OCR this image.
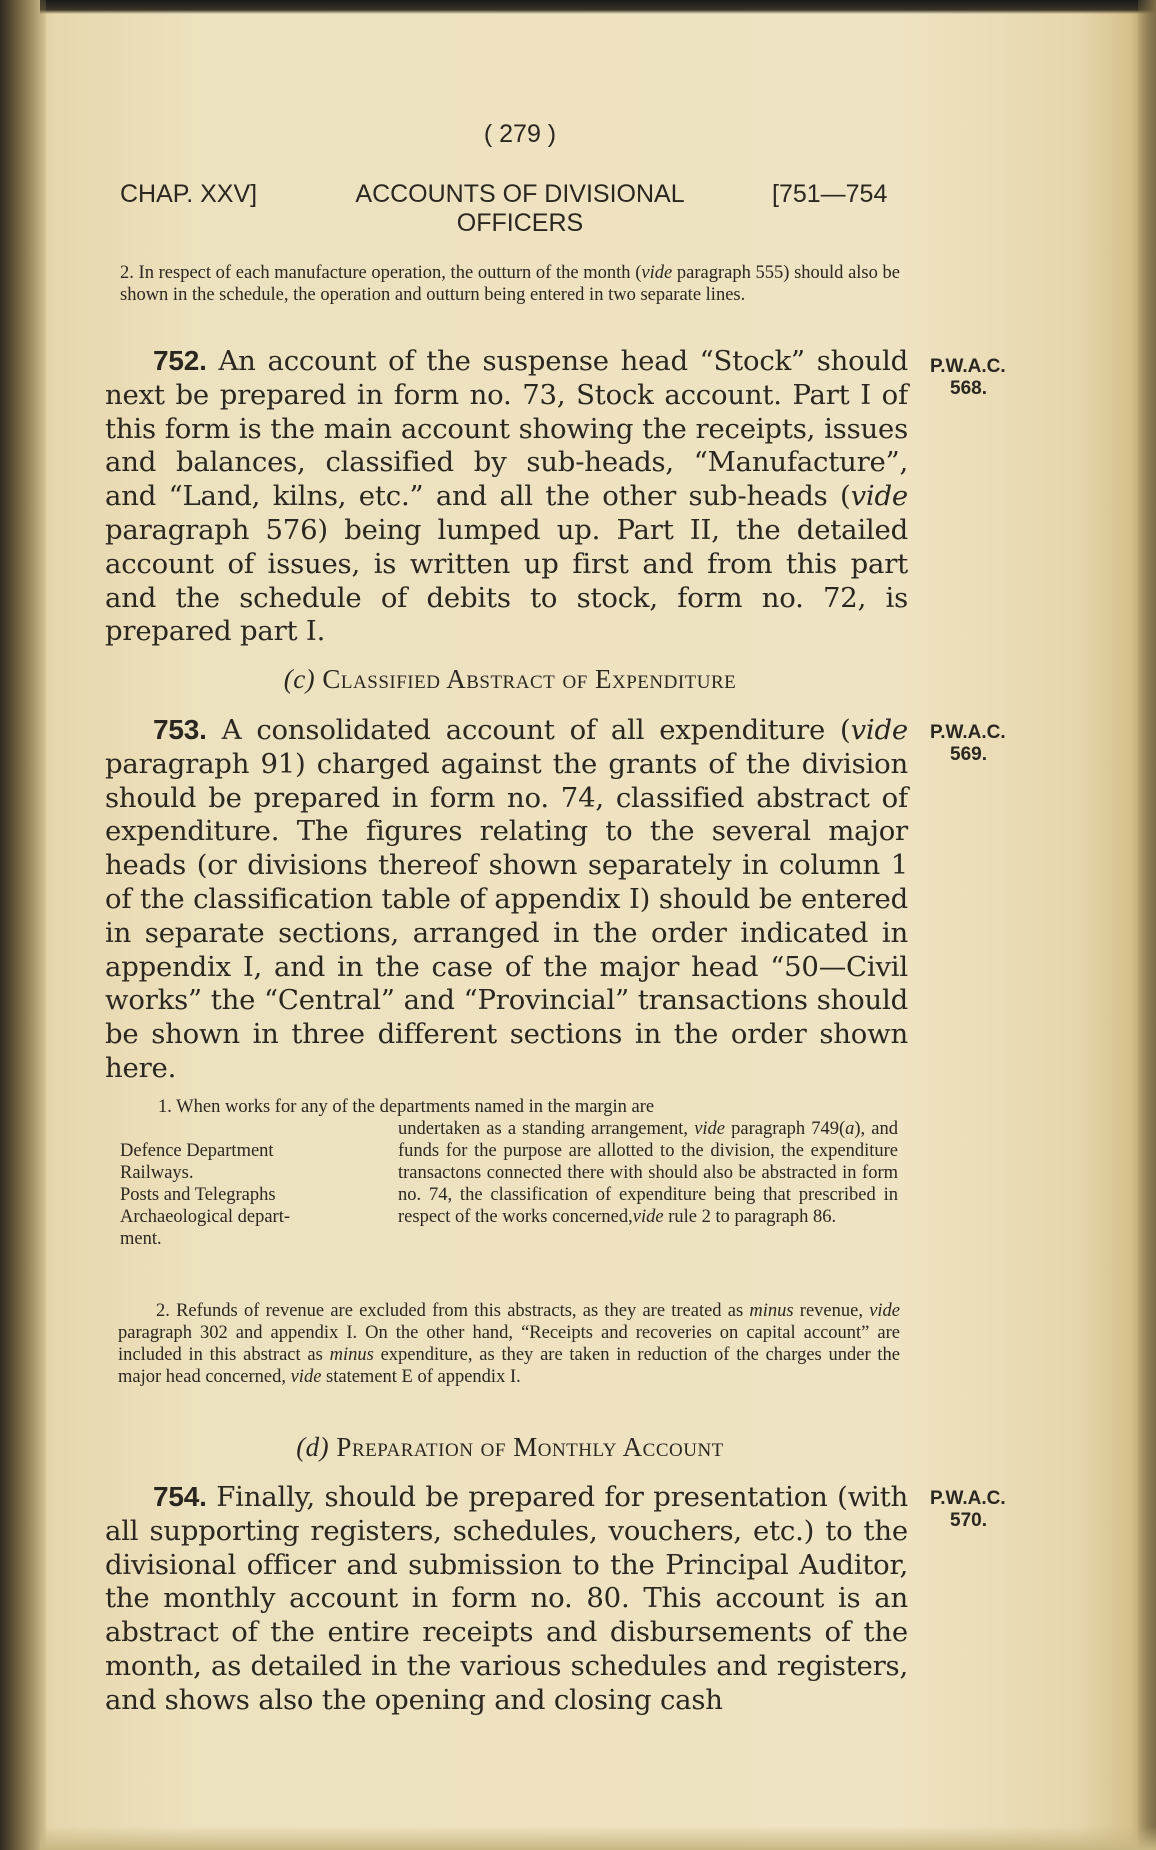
( 279 )
CHAP. XXV]	ACCOUNTS OF DIVISIONAL
OFFICERS
[751—754
2. In respect of each manufacture operation, the outturn of the month (vide paragraph 555) should also be shown in the schedule, the operation and outturn being entered in two separate lines.
752. An account of the suspense head “Stock” should next be prepared in form no. 73, Stock account. Part I of this form is the main account showing the receipts, issues and balances, classified by sub-heads, “Manufacture”, and “Land, kilns, etc.” and all the other sub-heads (vide paragraph 576) being lumped up. Part II, the detailed account of issues, is written up first and from this part and the schedule of debits to stock, form no. 72, is prepared part I.
P.W.A.C.
568.
(c) Classified Abstract of Expenditure
753. A consolidated account of all expenditure (vide paragraph 91) charged against the grants of the division should be prepared in form no. 74, classified abstract of expenditure. The figures relating to the several major heads (or divisions thereof shown separately in column 1 of the classification table of appendix I) should be entered in separate sections, arranged in the order indicated in appendix I, and in the case of the major head “50—Civil works” the “Central” and “Provincial” transactions should be shown in three different sections in the order shown here.
P.W.A.C.
569.
1. When works for any of the departments named in the margin are
Defence Department
Railways.
Posts and Telegraphs
Archaeological depart-
ment.
undertaken as a standing arrangement, vide paragraph 749(a), and funds for the purpose are allotted to the division, the expenditure transactons connected there with should also be abstracted in form no. 74, the classification of expenditure being that prescribed in respect of the works concerned,vide rule 2 to paragraph 86.
2. Refunds of revenue are excluded from this abstracts, as they are treated as minus revenue, vide paragraph 302 and appendix I. On the other hand, “Receipts and recoveries on capital account” are included in this abstract as minus expenditure, as they are taken in reduction of the charges under the major head concerned, vide statement E of appendix I.
(d) Preparation of Monthly Account
754. Finally, should be prepared for presentation (with all supporting registers, schedules, vouchers, etc.) to the divisional officer and submission to the Principal Auditor, the monthly account in form no. 80. This account is an abstract of the entire receipts and disbursements of the month, as detailed in the various schedules and registers, and shows also the opening and closing cash
P.W.A.C.
570.
